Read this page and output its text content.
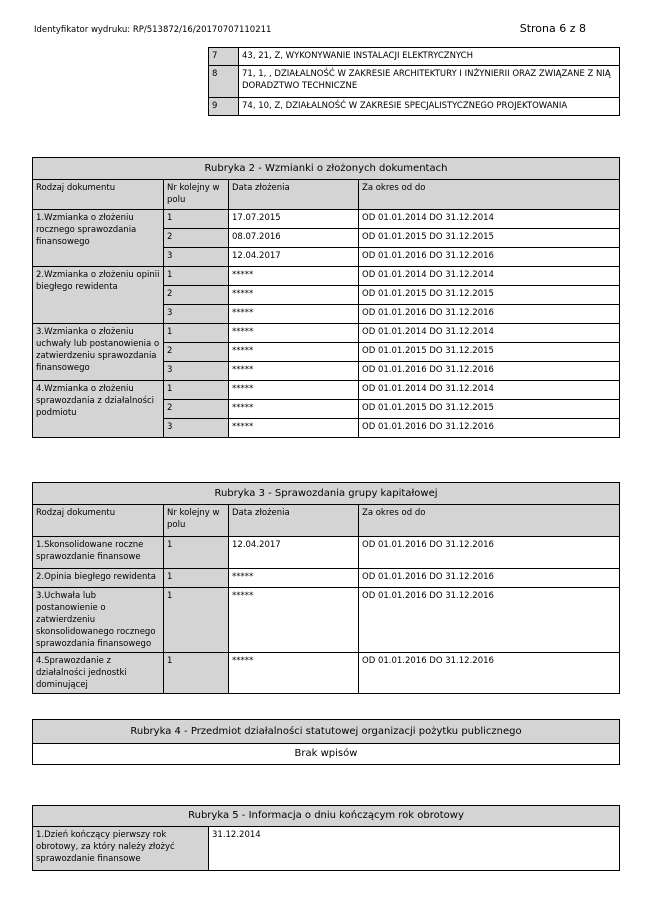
Identyfikator wydruku: RP/513872/16/20170707110211	Strona 6 z 8
7	43, 21, Z, WYKONYWANIE INSTALACJI ELEKTRYCZNYCH
8	71, 1, , DZIAŁALNOŚĆ W ZAKRESIE ARCHITEKTURY I INŻYNIERII ORAZ ZWIĄZANE Z NIĄ DORADZTWO TECHNICZNE
9	74, 10, Z, DZIAŁALNOŚĆ W ZAKRESIE SPECJALISTYCZNEGO PROJEKTOWANIA
Rubryka 2 - Wzmianki o złożonych dokumentach			
Rodzaj dokumentu	Nr kolejny w polu	Data złożenia	Za okres od do
1.Wzmianka o złożeniu rocznego sprawozdania finansowego	1	17.07.2015	OD 01.01.2014 DO 31.12.2014
	2	08.07.2016	OD 01.01.2015 DO 31.12.2015
	3	12.04.2017	OD 01.01.2016 DO 31.12.2016
2.Wzmianka o złożeniu opinii biegłego rewidenta	1	*****	OD 01.01.2014 DO 31.12.2014
	2	*****	OD 01.01.2015 DO 31.12.2015
	3	*****	OD 01.01.2016 DO 31.12.2016
3.Wzmianka o złożeniu uchwały lub postanowienia o zatwierdzeniu sprawozdania finansowego	1	*****	OD 01.01.2014 DO 31.12.2014
	2	*****	OD 01.01.2015 DO 31.12.2015
	3	*****	OD 01.01.2016 DO 31.12.2016
4.Wzmianka o złożeniu sprawozdania z działalności podmiotu	1	*****	OD 01.01.2014 DO 31.12.2014
	2	*****	OD 01.01.2015 DO 31.12.2015
	3	*****	OD 01.01.2016 DO 31.12.2016
Rubryka 3 - Sprawozdania grupy kapitałowej			
Rodzaj dokumentu	Nr kolejny w polu	Data złożenia	Za okres od do
1.Skonsolidowane roczne sprawozdanie finansowe	1	12.04.2017	OD 01.01.2016 DO 31.12.2016
2.Opinia biegłego rewidenta	1	*****	OD 01.01.2016 DO 31.12.2016
3.Uchwała lub postanowienie o zatwierdzeniu skonsolidowanego rocznego sprawozdania finansowego	1	*****	OD 01.01.2016 DO 31.12.2016
4.Sprawozdanie z działalności jednostki dominującej	1	*****	OD 01.01.2016 DO 31.12.2016
Rubryka 4 - Przedmiot działalności statutowej organizacji pożytku publicznego
Brak wpisów
Rubryka 5 - Informacja o dniu kończącym rok obrotowy
1.Dzień kończący pierwszy rok obrotowy, za który należy złożyć sprawozdanie finansowe	31.12.2014
